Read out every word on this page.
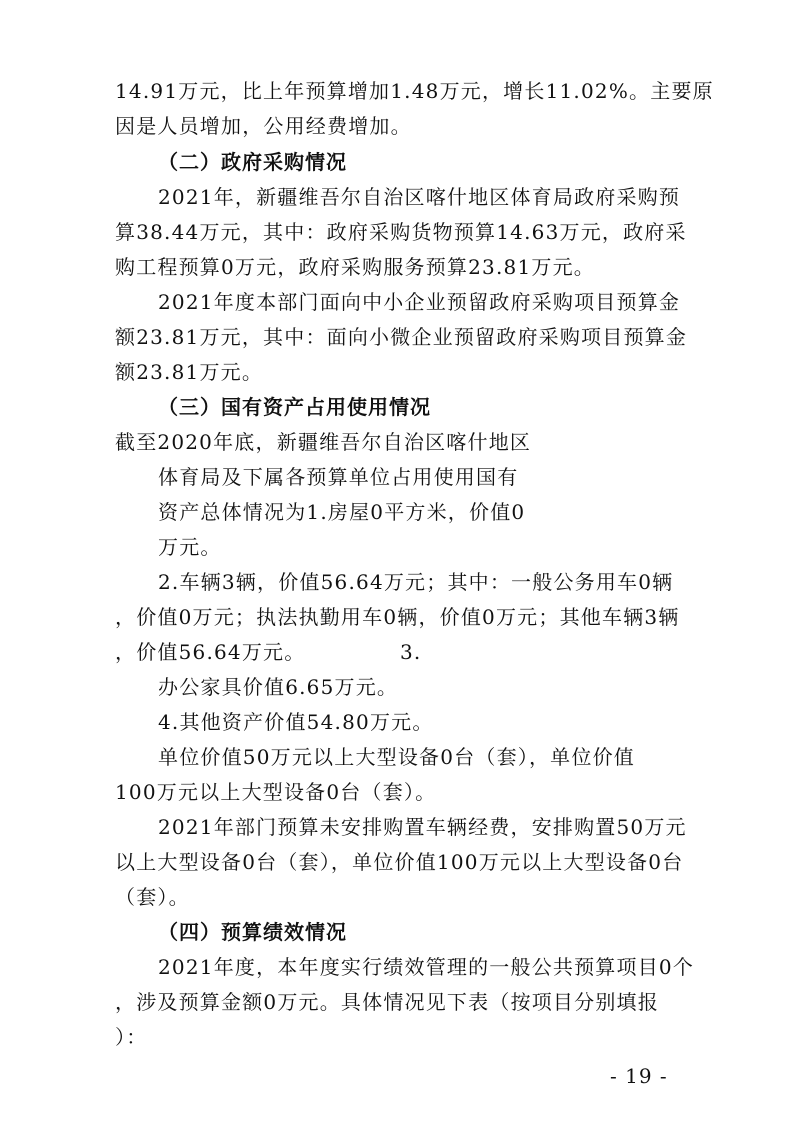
14.91万元，比上年预算增加1.48万元，增长11.02%。主要原
因是人员增加，公用经费增加。
（二）政府采购情况
2021年，新疆维吾尔自治区喀什地区体育局政府采购预
算38.44万元，其中：政府采购货物预算14.63万元，政府采
购工程预算0万元，政府采购服务预算23.81万元。
2021年度本部门面向中小企业预留政府采购项目预算金
额23.81万元，其中：面向小微企业预留政府采购项目预算金
额23.81万元。
（三）国有资产占用使用情况
截至2020年底，新疆维吾尔自治区喀什地区
体育局及下属各预算单位占用使用国有
资产总体情况为1.房屋0平方米，价值0
万元。
2.车辆3辆，价值56.64万元；其中：一般公务用车0辆
，价值0万元；执法执勤用车0辆，价值0万元；其他车辆3辆
，价值56.64万元。	3.
办公家具价值6.65万元。
4.其他资产价值54.80万元。
单位价值50万元以上大型设备0台（套），单位价值
100万元以上大型设备0台（套）。
2021年部门预算未安排购置车辆经费，安排购置50万元
以上大型设备0台（套），单位价值100万元以上大型设备0台
（套）。
（四）预算绩效情况
2021年度，本年度实行绩效管理的一般公共预算项目0个
，涉及预算金额0万元。具体情况见下表（按项目分别填报
）：
- 19 -
